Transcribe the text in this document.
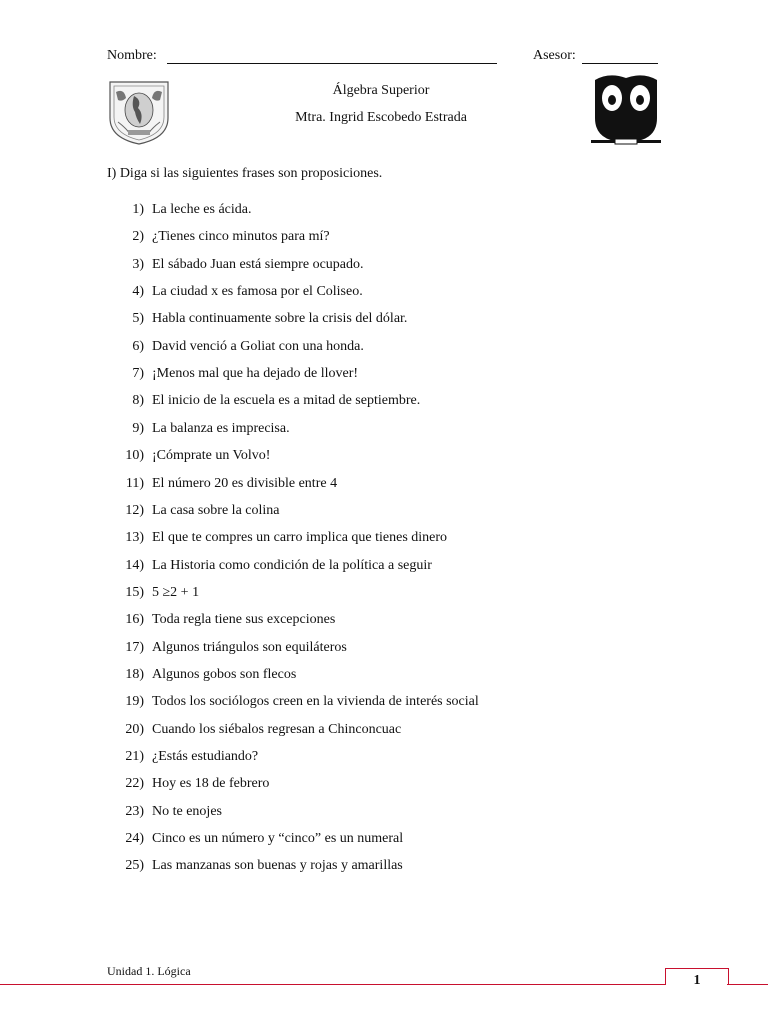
Nombre:	Asesor:
Álgebra Superior
Mtra. Ingrid Escobedo Estrada
I) Diga si las siguientes frases son proposiciones.
1) La leche es ácida.
2) ¿Tienes cinco minutos para mí?
3) El sábado Juan está siempre ocupado.
4) La ciudad x es famosa por el Coliseo.
5) Habla continuamente sobre la crisis del dólar.
6) David venció a Goliat con una honda.
7) ¡Menos mal que ha dejado de llover!
8) El inicio de la escuela es a mitad de septiembre.
9) La balanza es imprecisa.
10) ¡Cómprate un Volvo!
11) El número 20 es divisible entre 4
12) La casa sobre la colina
13) El que te compres un carro implica que tienes dinero
14) La Historia como condición de la política a seguir
15) 5 ≥2 + 1
16) Toda regla tiene sus excepciones
17) Algunos triángulos son equiláteros
18) Algunos gobos son flecos
19) Todos los sociólogos creen en la vivienda de interés social
20) Cuando los siébalos regresan a Chinconcuac
21) ¿Estás estudiando?
22) Hoy es 18 de febrero
23) No te enojes
24) Cinco es un número y “cinco” es un numeral
25) Las manzanas son buenas y rojas y amarillas
Unidad 1. Lógica
1
